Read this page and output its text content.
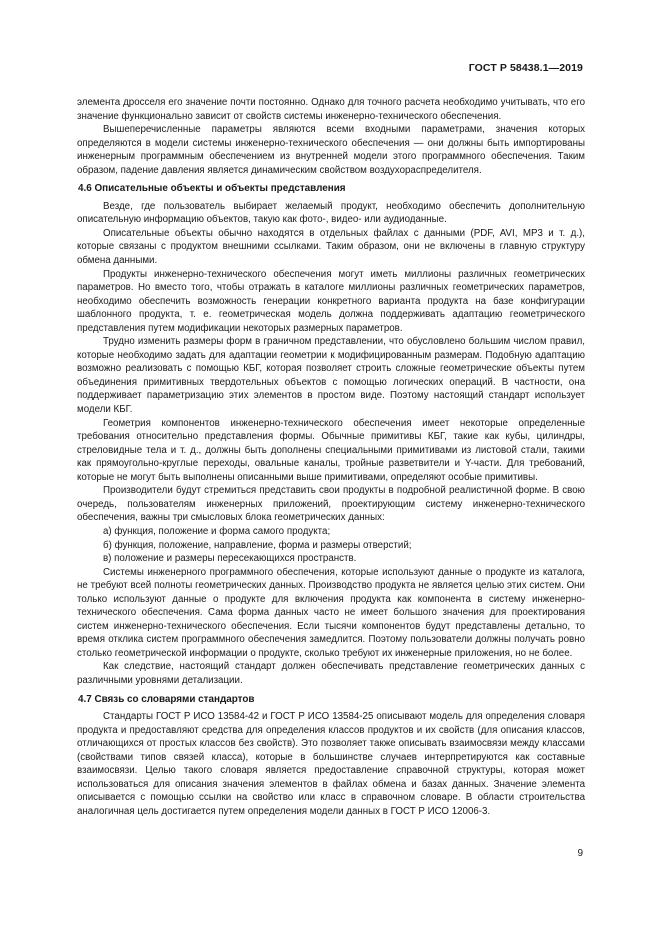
ГОСТ Р 58438.1—2019

элемента дросселя его значение почти постоянно. Однако для точного расчета необходимо учитывать, что его значение функционально зависит от свойств системы инженерно-технического обеспечения.

Вышеперечисленные параметры являются всеми входными параметрами, значения которых определяются в модели системы инженерно-технического обеспечения — они должны быть импортированы инженерным программным обеспечением из внутренней модели этого программного обеспечения. Таким образом, падение давления является динамическим свойством воздухораспределителя.

4.6 Описательные объекты и объекты представления

Везде, где пользователь выбирает желаемый продукт, необходимо обеспечить дополнительную описательную информацию объектов, такую как фото-, видео- или аудиоданные.

Описательные объекты обычно находятся в отдельных файлах с данными (PDF, AVI, MP3 и т. д.), которые связаны с продуктом внешними ссылками. Таким образом, они не включены в главную структуру обмена данными.

Продукты инженерно-технического обеспечения могут иметь миллионы различных геометрических параметров. Но вместо того, чтобы отражать в каталоге миллионы различных геометрических параметров, необходимо обеспечить возможность генерации конкретного варианта продукта на базе конфигурации шаблонного продукта, т. е. геометрическая модель должна поддерживать адаптацию геометрического представления путем модификации некоторых размерных параметров.

Трудно изменить размеры форм в граничном представлении, что обусловлено большим числом правил, которые необходимо задать для адаптации геометрии к модифицированным размерам. Подобную адаптацию возможно реализовать с помощью КБГ, которая позволяет строить сложные геометрические объекты путем объединения примитивных твердотельных объектов с помощью логических операций. В частности, она поддерживает параметризацию этих элементов в простом виде. Поэтому настоящий стандарт использует модели КБГ.

Геометрия компонентов инженерно-технического обеспечения имеет некоторые определенные требования относительно представления формы. Обычные примитивы КБГ, такие как кубы, цилиндры, стреловидные тела и т. д., должны быть дополнены специальными примитивами из листовой стали, такими как прямоугольно-круглые переходы, овальные каналы, тройные разветвители и Y-части. Для требований, которые не могут быть выполнены описанными выше примитивами, определяют особые примитивы.

Производители будут стремиться представить свои продукты в подробной реалистичной форме. В свою очередь, пользователям инженерных приложений, проектирующим систему инженерно-технического обеспечения, важны три смысловых блока геометрических данных:

а) функция, положение и форма самого продукта;
б) функция, положение, направление, форма и размеры отверстий;
в) положение и размеры пересекающихся пространств.

Системы инженерного программного обеспечения, которые используют данные о продукте из каталога, не требуют всей полноты геометрических данных. Производство продукта не является целью этих систем. Они только используют данные о продукте для включения продукта как компонента в систему инженерно-технического обеспечения. Сама форма данных часто не имеет большого значения для проектирования систем инженерно-технического обеспечения. Если тысячи компонентов будут представлены детально, то время отклика систем программного обеспечения замедлится. Поэтому пользователи должны получать ровно столько геометрической информации о продукте, сколько требуют их инженерные приложения, но не более.

Как следствие, настоящий стандарт должен обеспечивать представление геометрических данных с различными уровнями детализации.

4.7 Связь со словарями стандартов

Стандарты ГОСТ Р ИСО 13584-42 и ГОСТ Р ИСО 13584-25 описывают модель для определения словаря продукта и предоставляют средства для определения классов продуктов и их свойств (для описания классов, отличающихся от простых классов без свойств). Это позволяет также описывать взаимосвязи между классами (свойствами типов связей класса), которые в большинстве случаев интерпретируются как составные взаимосвязи. Целью такого словаря является предоставление справочной структуры, которая может использоваться для описания значения элементов в файлах обмена и базах данных. Значение элемента описывается с помощью ссылки на свойство или класс в справочном словаре. В области строительства аналогичная цель достигается путем определения модели данных в ГОСТ Р ИСО 12006-3.

9
